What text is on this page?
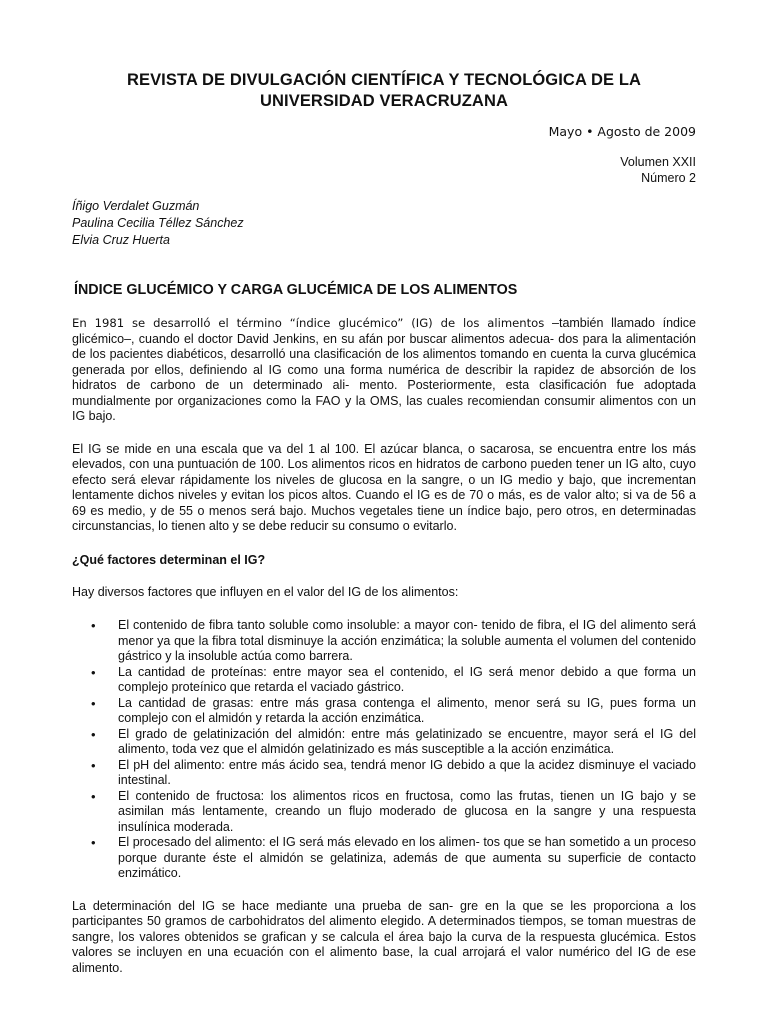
REVISTA DE DIVULGACIÓN CIENTÍFICA Y TECNOLÓGICA DE LA UNIVERSIDAD VERACRUZANA
Mayo • Agosto de 2009
Volumen XXII
Número 2
Íñigo Verdalet Guzmán
Paulina Cecilia Téllez Sánchez
Elvia Cruz Huerta
ÍNDICE GLUCÉMICO Y CARGA GLUCÉMICA DE LOS ALIMENTOS

En 1981 se desarrolló el término “índice glucémico” (IG) de los alimentos –también llamado índice glicémico–, cuando el doctor David Jenkins, en su afán por buscar alimentos adecua- dos para la alimentación de los pacientes diabéticos, desarrolló una clasificación de los alimentos tomando en cuenta la curva glucémica generada por ellos, definiendo al IG como una forma numérica de describir la rapidez de absorción de los hidratos de carbono de un determinado ali- mento. Posteriormente, esta clasificación fue adoptada mundialmente por organizaciones como la FAO y la OMS, las cuales recomiendan consumir alimentos con un IG bajo.

El IG se mide en una escala que va del 1 al 100. El azúcar blanca, o sacarosa, se encuentra entre los más elevados, con una puntuación de 100. Los alimentos ricos en hidratos de carbono pueden tener un IG alto, cuyo efecto será elevar rápidamente los niveles de glucosa en la sangre, o un IG medio y bajo, que incrementan lentamente dichos niveles y evitan los picos altos. Cuando el IG es de 70 o más, es de valor alto; si va de 56 a 69 es medio, y de 55 o menos será bajo. Muchos vegetales tiene un índice bajo, pero otros, en determinadas circunstancias, lo tienen alto y se debe reducir su consumo o evitarlo.

¿Qué factores determinan el IG?

Hay diversos factores que influyen en el valor del IG de los alimentos:

• El contenido de fibra tanto soluble como insoluble: a mayor con- tenido de fibra, el IG del alimento será menor ya que la fibra total disminuye la acción enzimática; la soluble aumenta el volumen del contenido gástrico y la insoluble actúa como barrera.
• La cantidad de proteínas: entre mayor sea el contenido, el IG será menor debido a que forma un complejo proteínico que retarda el vaciado gástrico.
• La cantidad de grasas: entre más grasa contenga el alimento, menor será su IG, pues forma un complejo con el almidón y retarda la acción enzimática.
• El grado de gelatinización del almidón: entre más gelatinizado se encuentre, mayor será el IG del alimento, toda vez que el almidón gelatinizado es más susceptible a la acción enzimática.
• El pH del alimento: entre más ácido sea, tendrá menor IG debido a que la acidez disminuye el vaciado intestinal.
• El contenido de fructosa: los alimentos ricos en fructosa, como las frutas, tienen un IG bajo y se asimilan más lentamente, creando un flujo moderado de glucosa en la sangre y una respuesta insulínica moderada.
• El procesado del alimento: el IG será más elevado en los alimen- tos que se han sometido a un proceso porque durante éste el almidón se gelatiniza, además de que aumenta su superficie de contacto enzimático.

La determinación del IG se hace mediante una prueba de san- gre en la que se les proporciona a los participantes 50 gramos de carbohidratos del alimento elegido. A determinados tiempos, se toman muestras de sangre, los valores obtenidos se grafican y se calcula el área bajo la curva de la respuesta glucémica. Estos valores se incluyen en una ecuación con el alimento base, la cual arrojará el valor numérico del IG de ese alimento.
